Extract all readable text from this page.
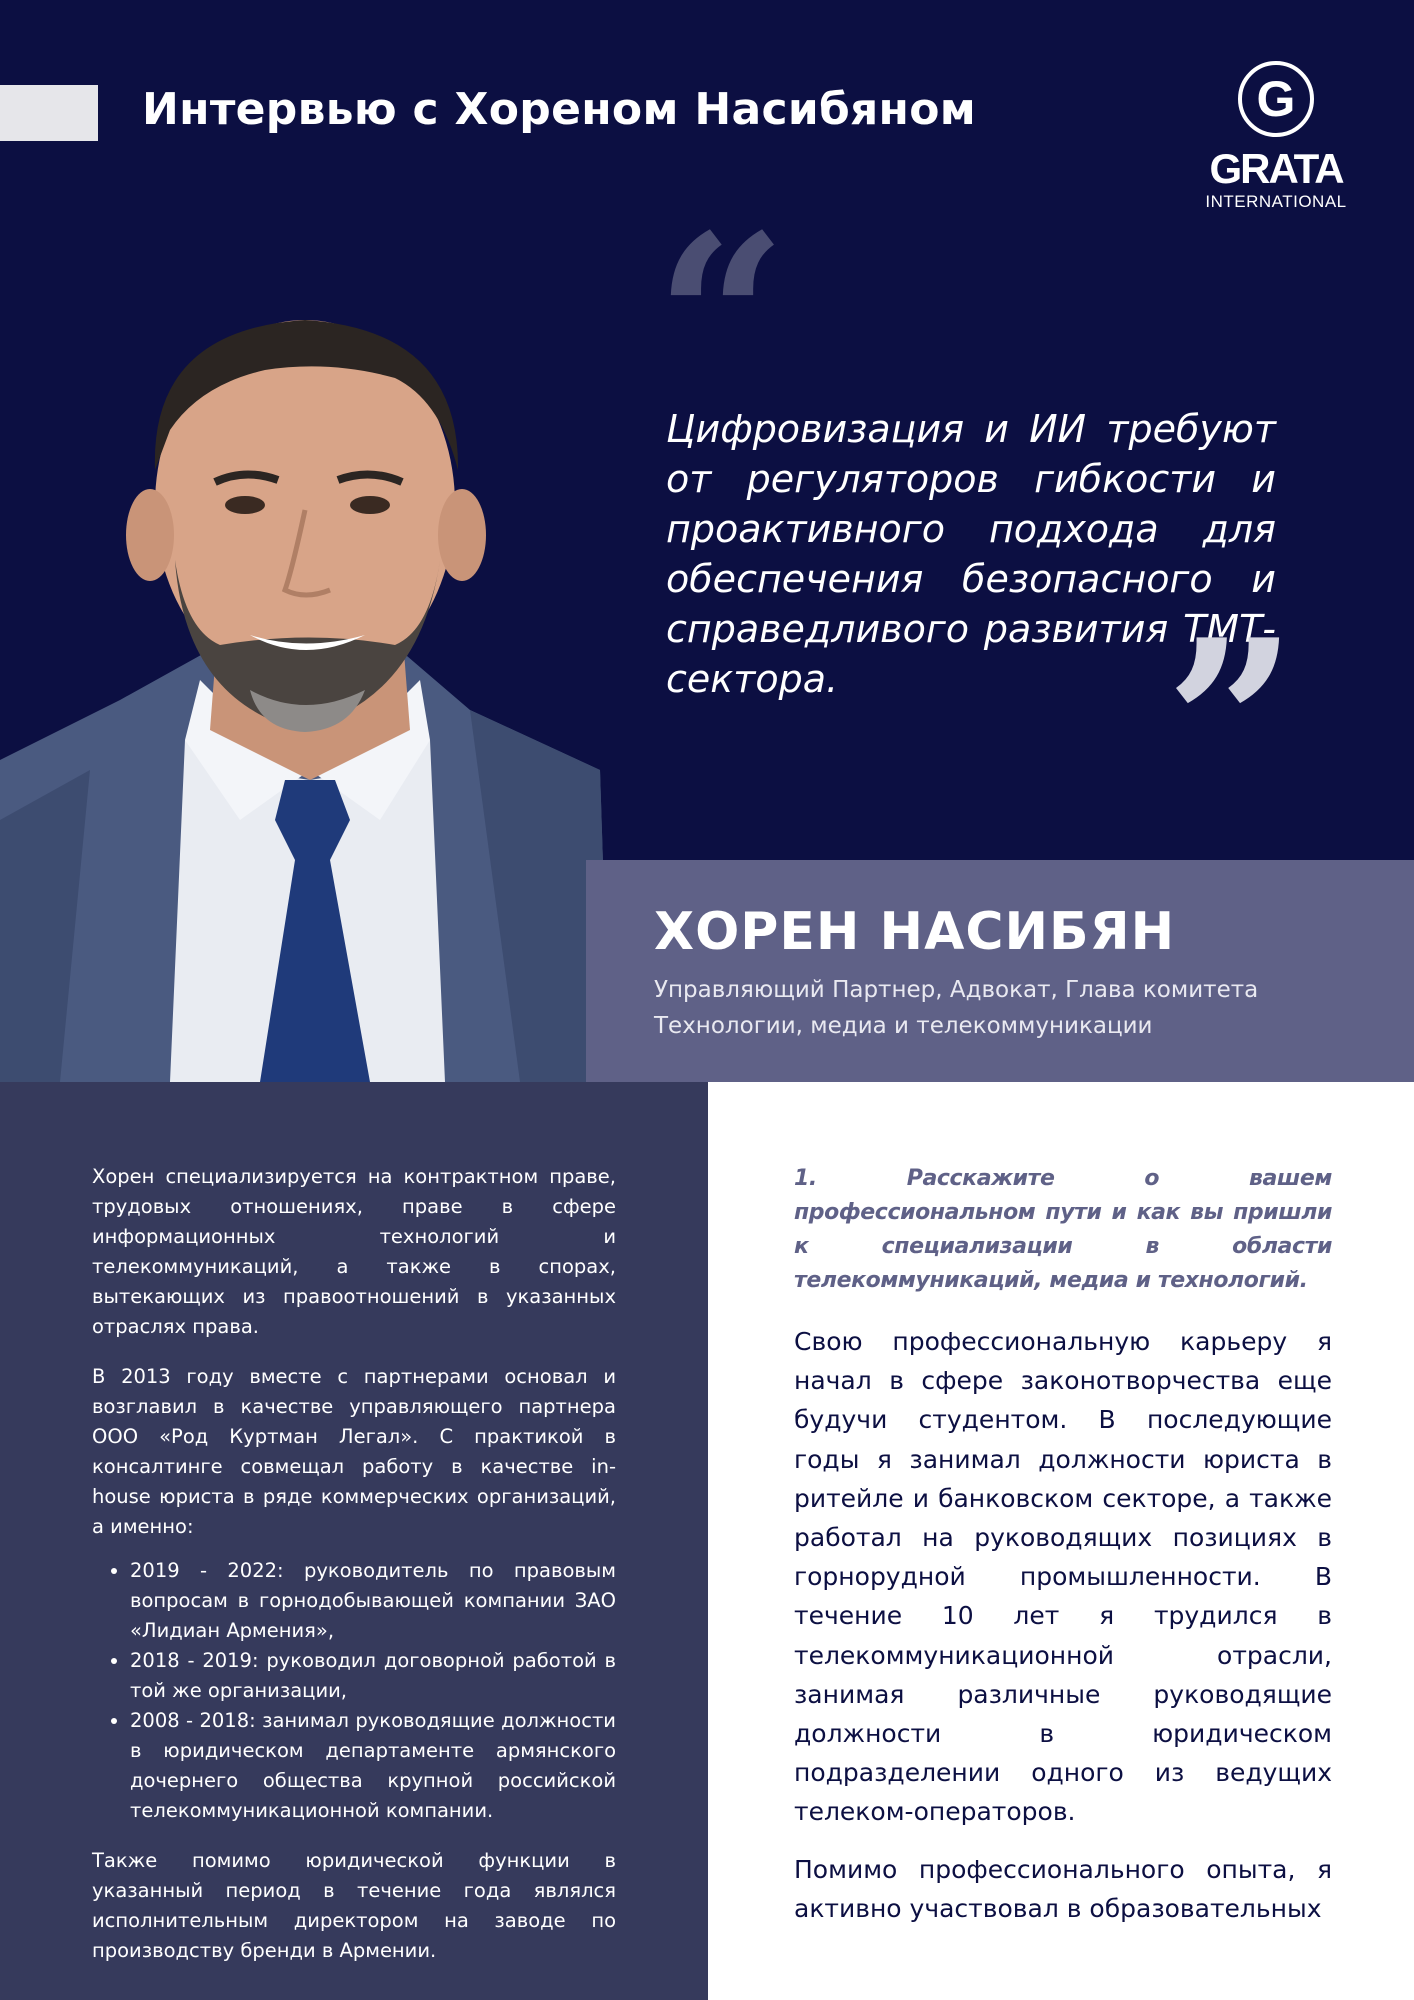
Интервью с Хореном Насибяном	G
GRATA
INTERNATIONAL
“

Цифровизация и ИИ требуют от регуляторов гибкости и проактивного подхода для обеспечения безопасного и справедливого развития ТМТ-сектора.	”
ХОРЕН НАСИБЯН

Управляющий Партнер, Адвокат, Глава комитета
Технологии, медиа и телекоммуникации

Хорен специализируется на контрактном праве, трудовых отношениях, праве в сфере информационных технологий и телекоммуникаций, а также в спорах, вытекающих из правоотношений в указанных отраслях права.

В 2013 году вместе с партнерами основал и возглавил в качестве управляющего партнера ООО «Род Куртман Легал». С практикой в консалтинге совмещал работу в качестве in-house юриста в ряде коммерческих организаций, а именно:

• 2019 - 2022: руководитель по правовым вопросам в горнодобывающей компании ЗАО «Лидиан Армения»,
• 2018 - 2019: руководил договорной работой в той же организации,
• 2008 - 2018: занимал руководящие должности в юридическом департаменте армянского дочернего общества крупной российской телекоммуникационной компании.

Также помимо юридической функции в указанный период в течение года являлся исполнительным директором на заводе по производству бренди в Армении.

1. Расскажите о вашем профессиональном пути и как вы пришли к специализации в области телекоммуникаций, медиа и технологий.

Свою профессиональную карьеру я начал в сфере законотворчества еще будучи студентом. В последующие годы я занимал должности юриста в ритейле и банковском секторе, а также работал на руководящих позициях в горнорудной промышленности. В течение 10 лет я трудился в телекоммуникационной отрасли, занимая различные руководящие должности в юридическом подразделении одного из ведущих телеком-операторов.

Помимо профессионального опыта, я активно участвовал в образовательных
